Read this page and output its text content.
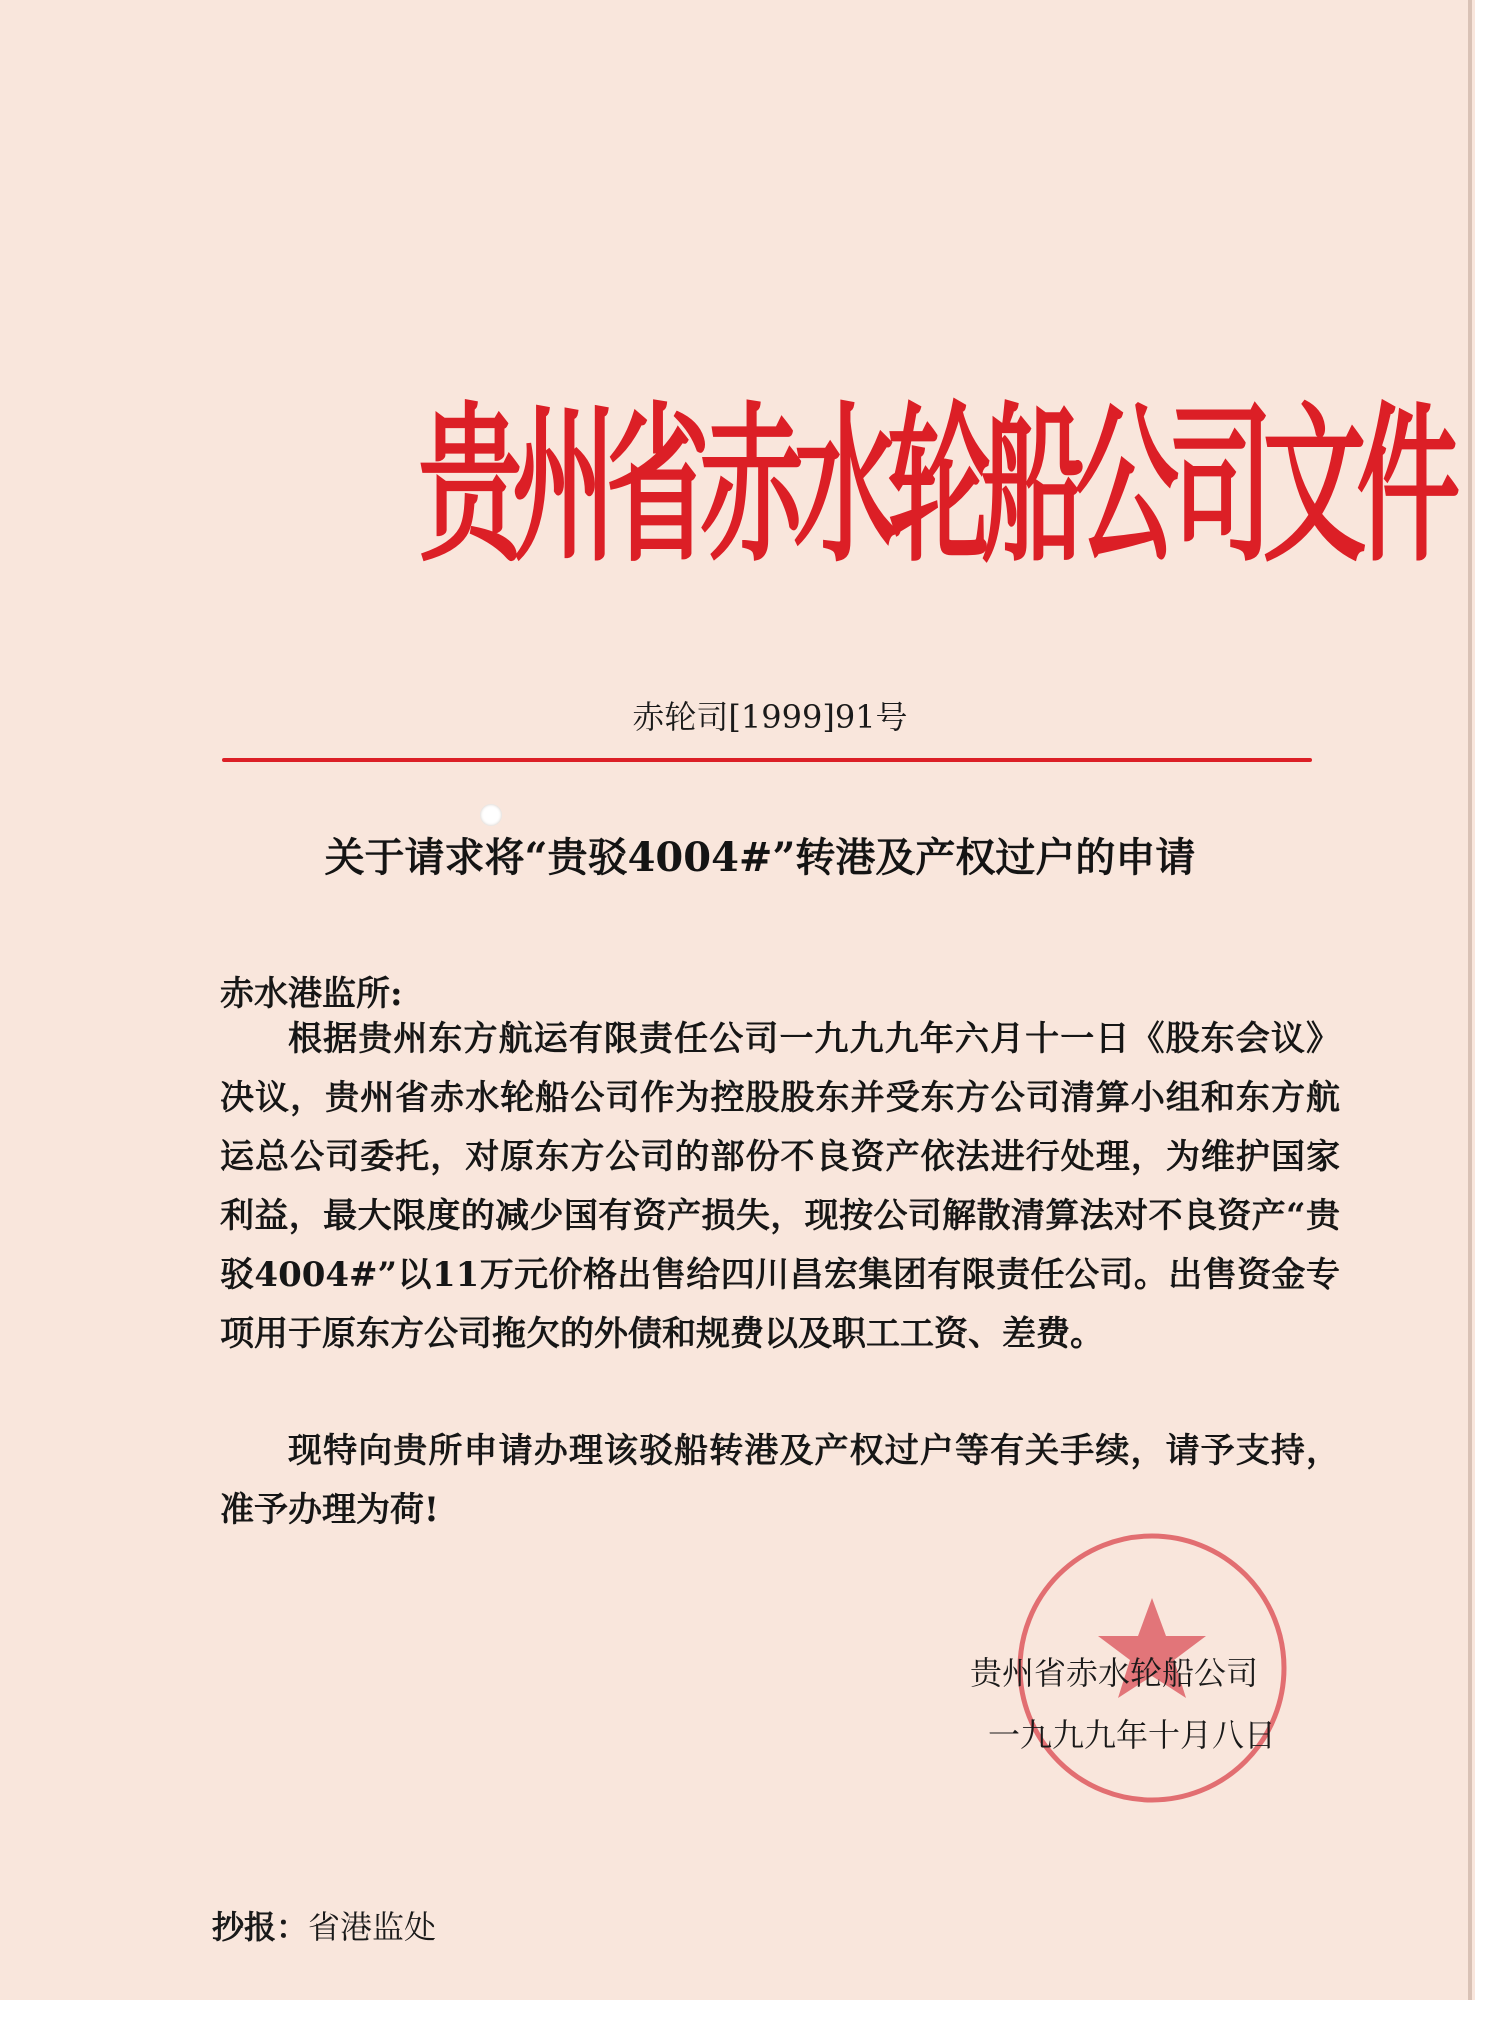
贵州省赤水轮船公司文件
赤轮司[1999]91号
关于请求将“贵驳4004#”转港及产权过户的申请
赤水港监所:

根据贵州东方航运有限责任公司一九九九年六月十一日《股东会议》决议，贵州省赤水轮船公司作为控股股东并受东方公司清算小组和东方航运总公司委托，对原东方公司的部份不良资产依法进行处理，为维护国家利益，最大限度的减少国有资产损失，现按公司解散清算法对不良资产“贵驳4004#”以11万元价格出售给四川昌宏集团有限责任公司。出售资金专项用于原东方公司拖欠的外债和规费以及职工工资、差费。

现特向贵所申请办理该驳船转港及产权过户等有关手续，请予支持，准予办理为荷!

贵州省赤水轮船公司
一九九九年十月八日
抄报：省港监处
